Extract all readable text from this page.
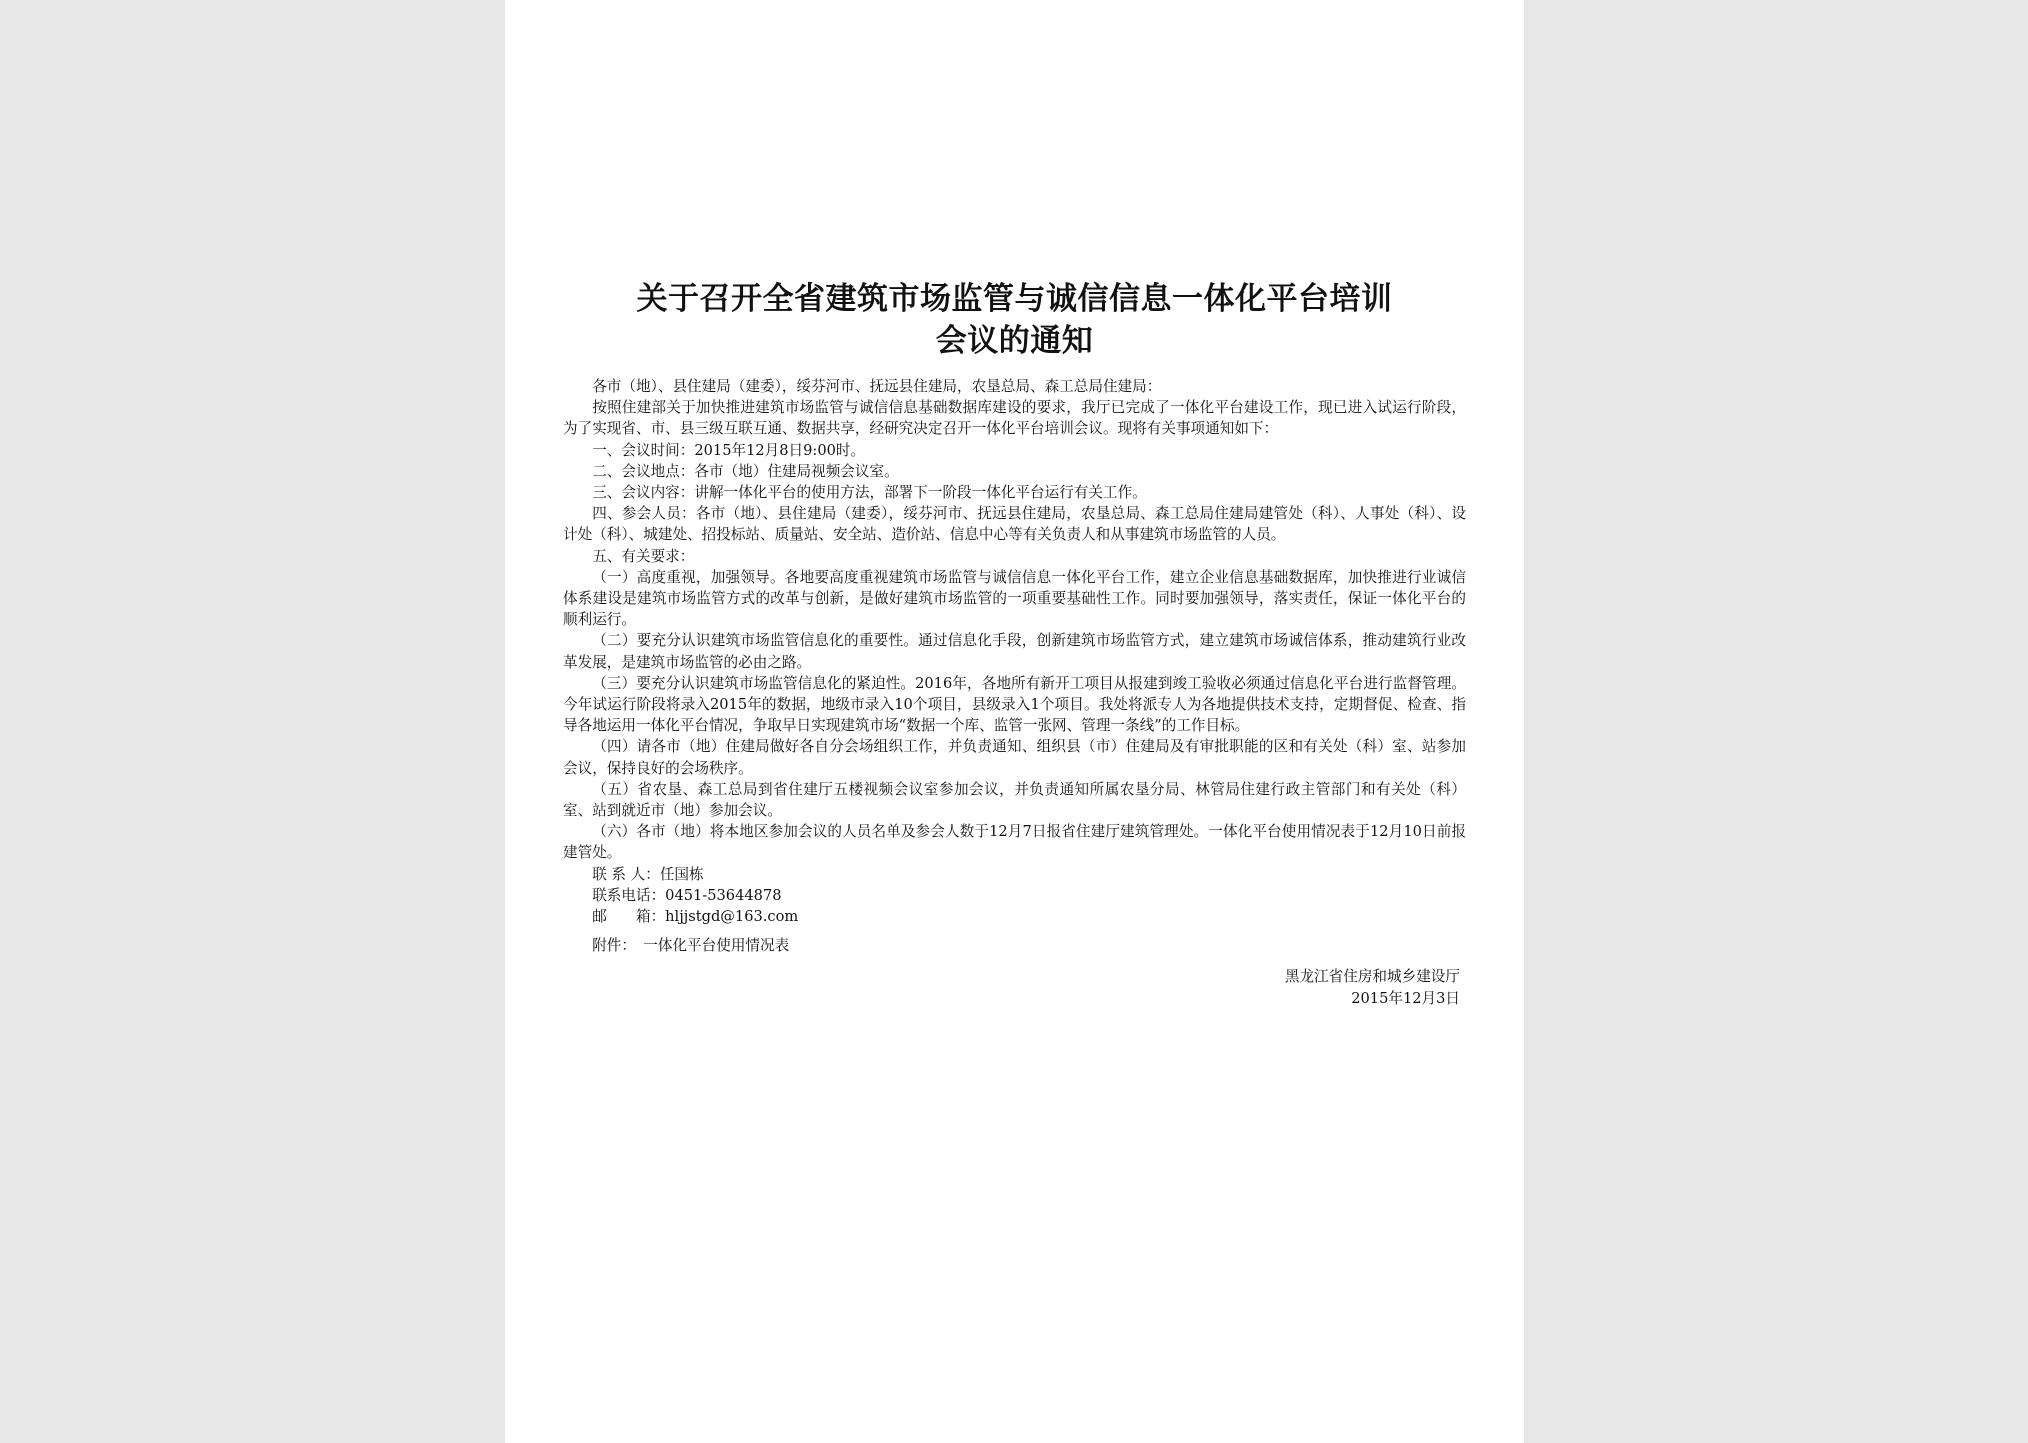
关于召开全省建筑市场监管与诚信信息一体化平台培训
会议的通知

各市（地）、县住建局（建委），绥芬河市、抚远县住建局，农垦总局、森工总局住建局：

按照住建部关于加快推进建筑市场监管与诚信信息基础数据库建设的要求，我厅已完成了一体化平台建设工作，现已进入试运行阶段，为了实现省、市、县三级互联互通、数据共享，经研究决定召开一体化平台培训会议。现将有关事项通知如下：

一、会议时间：2015年12月8日9:00时。

二、会议地点：各市（地）住建局视频会议室。

三、会议内容：讲解一体化平台的使用方法，部署下一阶段一体化平台运行有关工作。

四、参会人员：各市（地）、县住建局（建委），绥芬河市、抚远县住建局，农垦总局、森工总局住建局建管处（科）、人事处（科）、设计处（科）、城建处、招投标站、质量站、安全站、造价站、信息中心等有关负责人和从事建筑市场监管的人员。

五、有关要求：

（一）高度重视，加强领导。各地要高度重视建筑市场监管与诚信信息一体化平台工作，建立企业信息基础数据库，加快推进行业诚信体系建设是建筑市场监管方式的改革与创新，是做好建筑市场监管的一项重要基础性工作。同时要加强领导，落实责任，保证一体化平台的顺利运行。

（二）要充分认识建筑市场监管信息化的重要性。通过信息化手段，创新建筑市场监管方式，建立建筑市场诚信体系，推动建筑行业改革发展，是建筑市场监管的必由之路。

（三）要充分认识建筑市场监管信息化的紧迫性。2016年，各地所有新开工项目从报建到竣工验收必须通过信息化平台进行监督管理。今年试运行阶段将录入2015年的数据，地级市录入10个项目，县级录入1个项目。我处将派专人为各地提供技术支持，定期督促、检查、指导各地运用一体化平台情况，争取早日实现建筑市场“数据一个库、监管一张网、管理一条线”的工作目标。

（四）请各市（地）住建局做好各自分会场组织工作，并负责通知、组织县（市）住建局及有审批职能的区和有关处（科）室、站参加会议，保持良好的会场秩序。

（五）省农垦、森工总局到省住建厅五楼视频会议室参加会议，并负责通知所属农垦分局、林管局住建行政主管部门和有关处（科）室、站到就近市（地）参加会议。

（六）各市（地）将本地区参加会议的人员名单及参会人数于12月7日报省住建厅建筑管理处。一体化平台使用情况表于12月10日前报建管处。

联 系 人：任国栋

联系电话：0451-53644878

邮　　箱：hljjstgd@163.com

附件：　一体化平台使用情况表

黑龙江省住房和城乡建设厅

2015年12月3日
